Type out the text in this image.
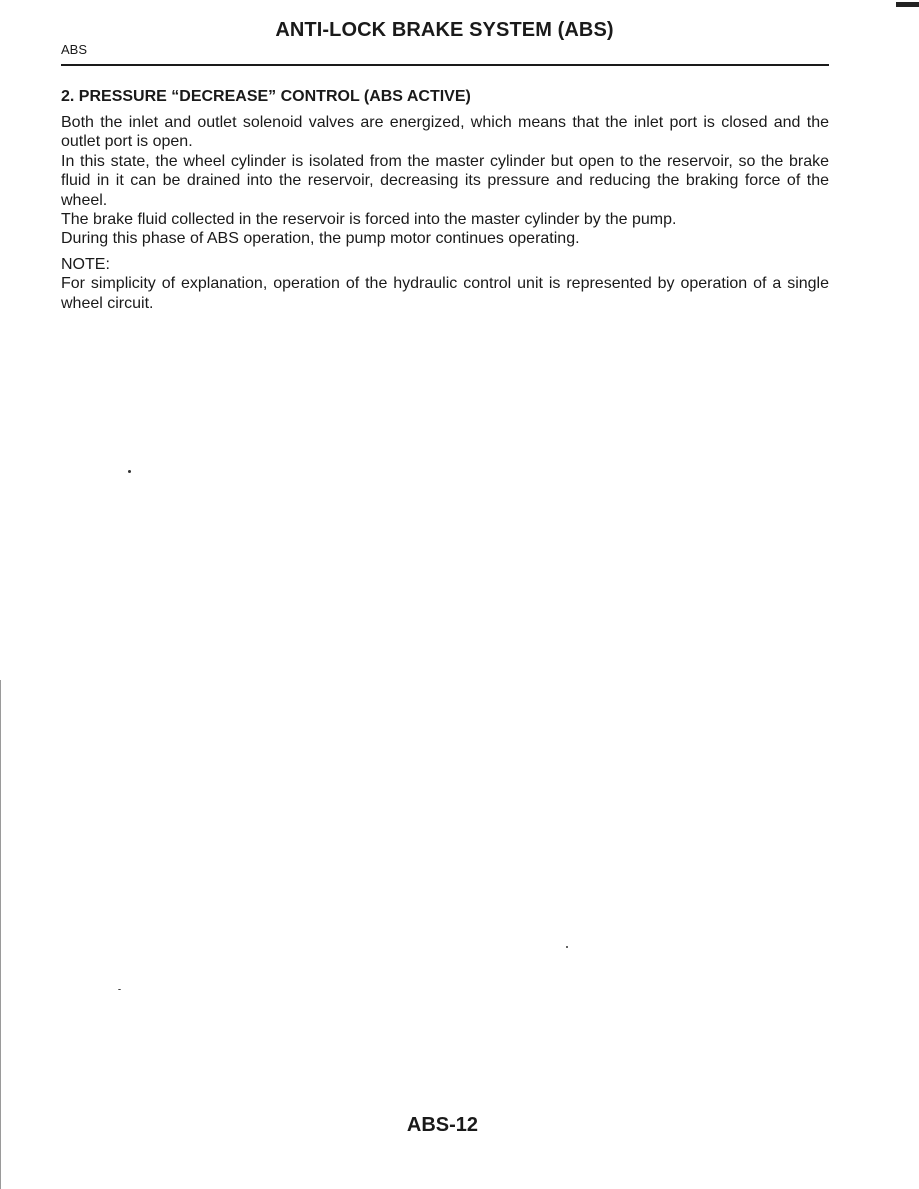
ANTI-LOCK BRAKE SYSTEM (ABS)
ABS
2. PRESSURE “DECREASE” CONTROL (ABS ACTIVE)

Both the inlet and outlet solenoid valves are energized, which means that the inlet port is closed and the outlet port is open.

In this state, the wheel cylinder is isolated from the master cylinder but open to the reservoir, so the brake fluid in it can be drained into the reservoir, decreasing its pressure and reducing the braking force of the wheel.

The brake fluid collected in the reservoir is forced into the master cylinder by the pump.

During this phase of ABS operation, the pump motor continues operating.

NOTE:

For simplicity of explanation, operation of the hydraulic control unit is represented by operation of a single wheel circuit.

ABS-12
